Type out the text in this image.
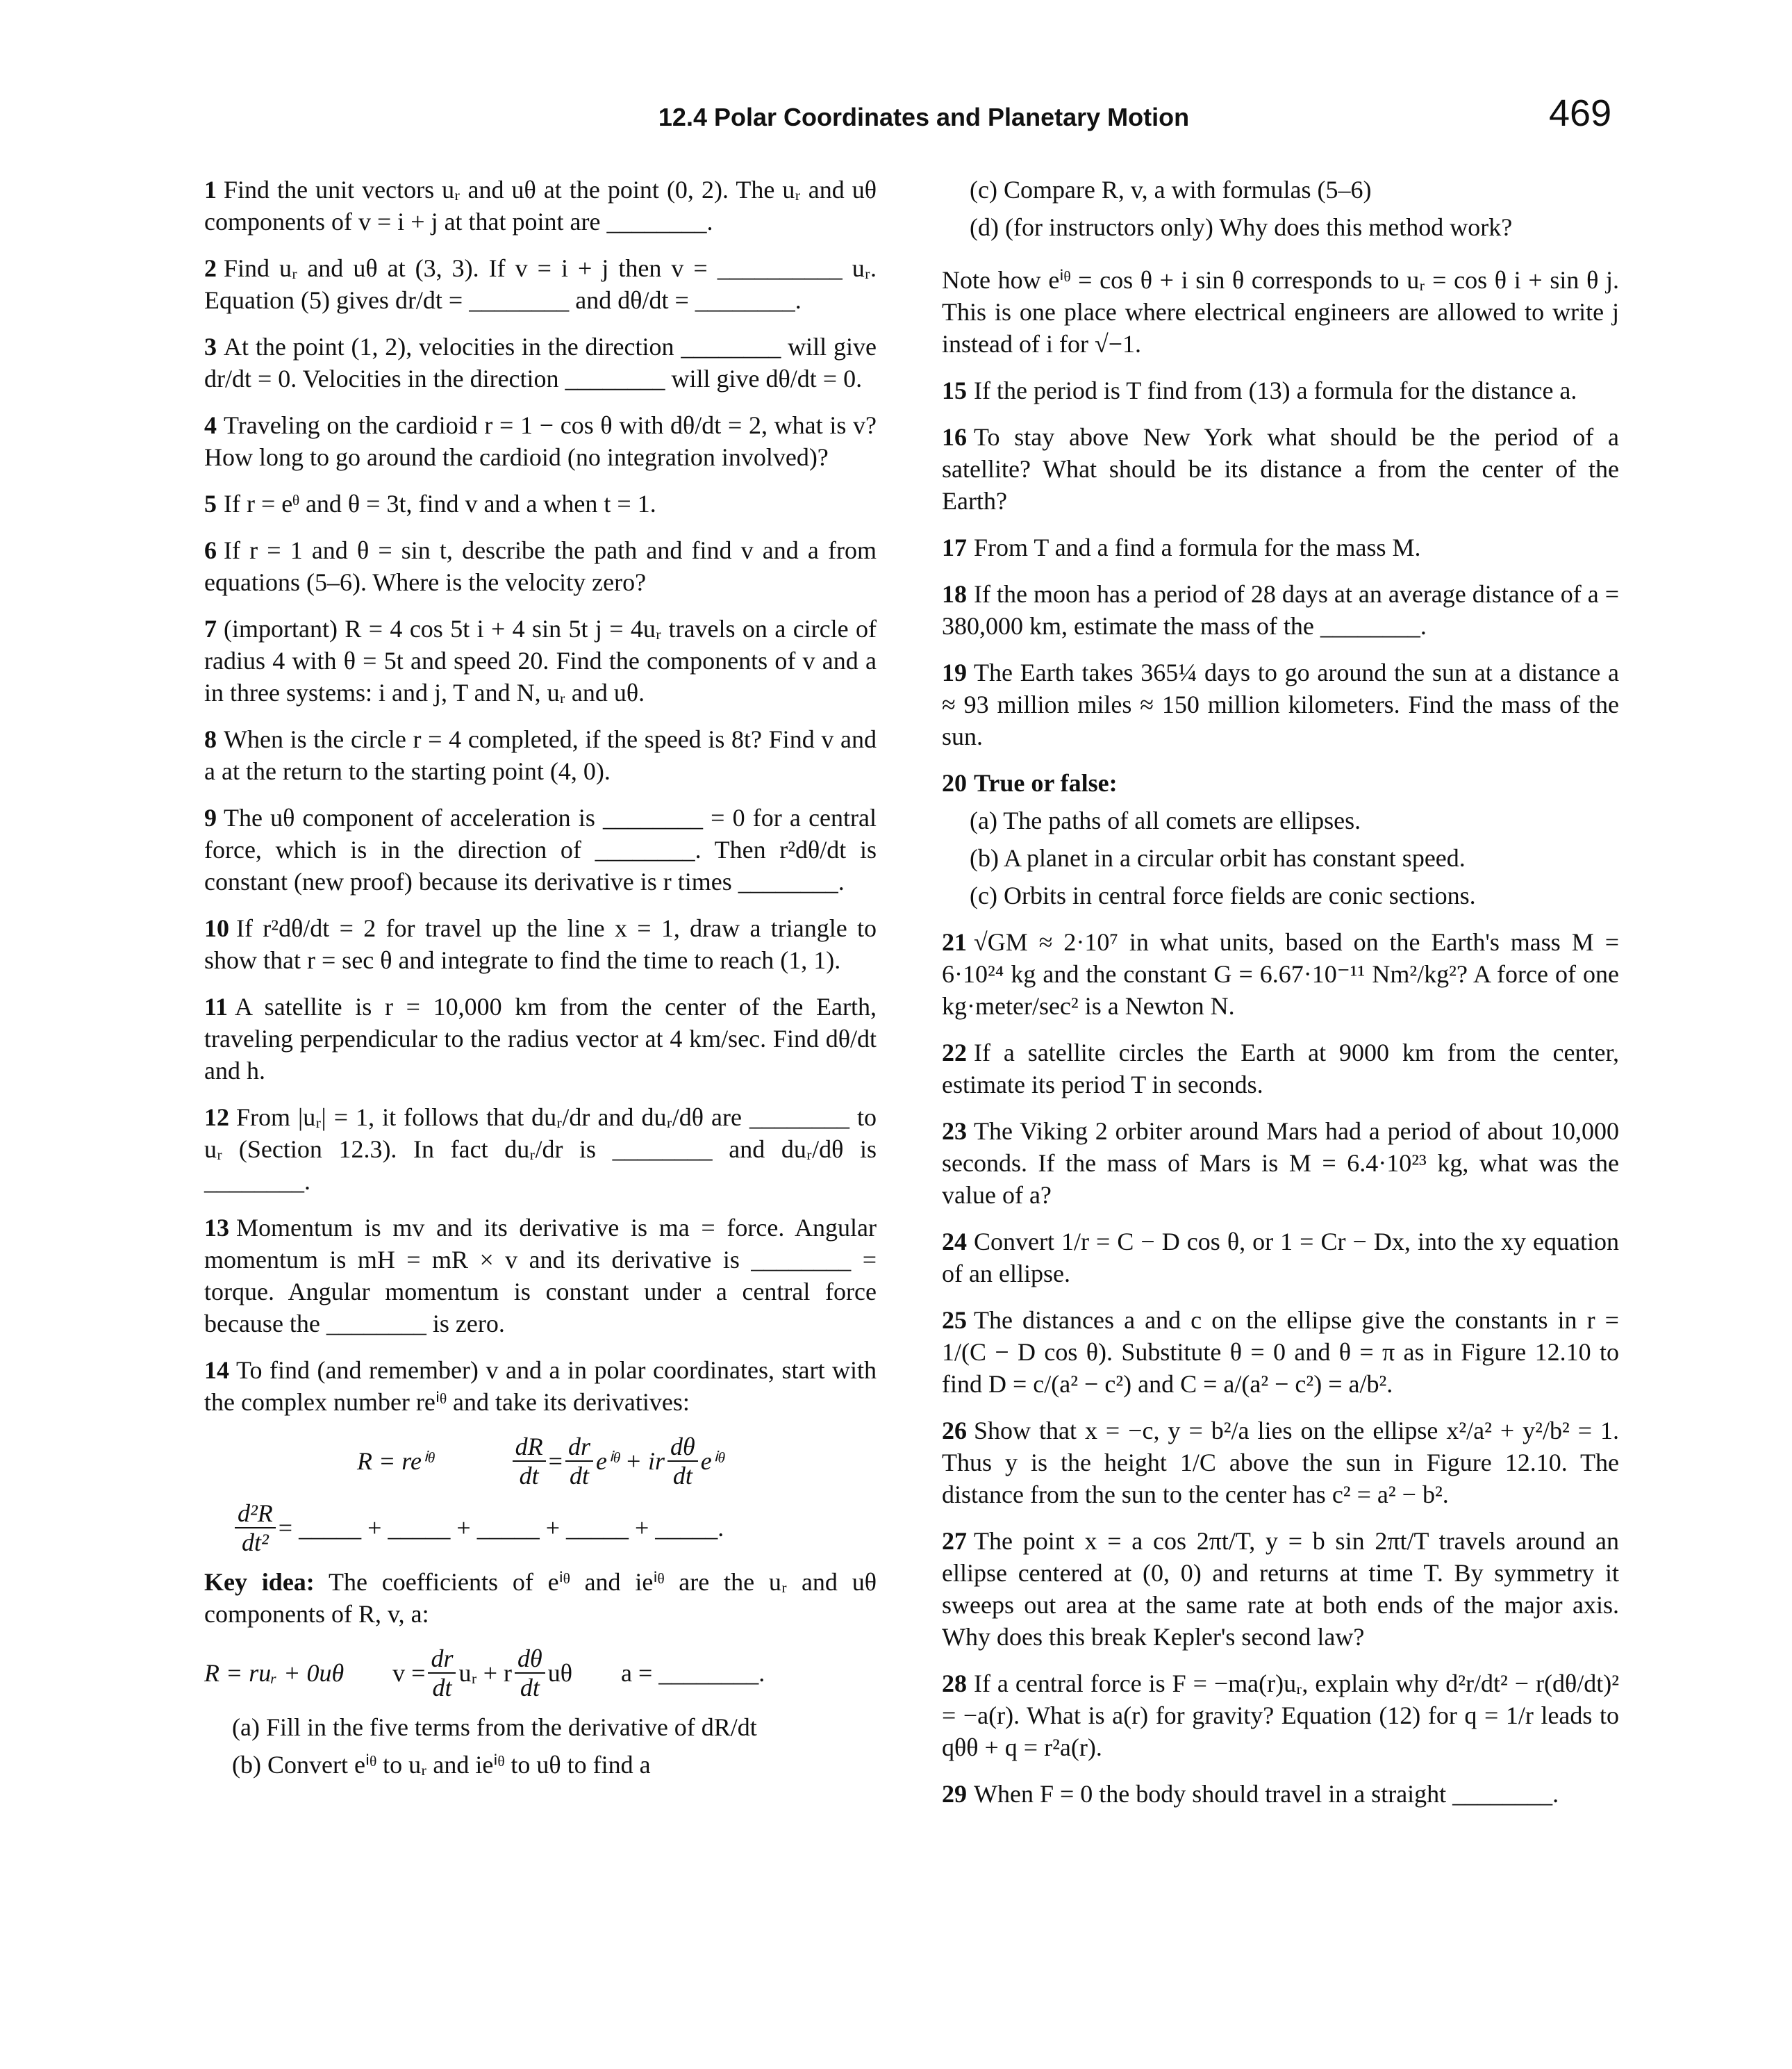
12.4 Polar Coordinates and Planetary Motion	469
1 Find the unit vectors uᵣ and uθ at the point (0, 2). The uᵣ and uθ components of v = i + j at that point are ________.
2 Find uᵣ and uθ at (3, 3). If v = i + j then v = __________ uᵣ. Equation (5) gives dr/dt = ________ and dθ/dt = ________.
3 At the point (1, 2), velocities in the direction ________ will give dr/dt = 0. Velocities in the direction ________ will give dθ/dt = 0.
4 Traveling on the cardioid r = 1 − cos θ with dθ/dt = 2, what is v? How long to go around the cardioid (no integration involved)?
5 If r = eᶿ and θ = 3t, find v and a when t = 1.
6 If r = 1 and θ = sin t, describe the path and find v and a from equations (5–6). Where is the velocity zero?
7 (important) R = 4 cos 5t i + 4 sin 5t j = 4uᵣ travels on a circle of radius 4 with θ = 5t and speed 20. Find the components of v and a in three systems: i and j, T and N, uᵣ and uθ.
8 When is the circle r = 4 completed, if the speed is 8t? Find v and a at the return to the starting point (4, 0).
9 The uθ component of acceleration is ________ = 0 for a central force, which is in the direction of ________. Then r²dθ/dt is constant (new proof) because its derivative is r times ________.
10 If r²dθ/dt = 2 for travel up the line x = 1, draw a triangle to show that r = sec θ and integrate to find the time to reach (1, 1).
11 A satellite is r = 10,000 km from the center of the Earth, traveling perpendicular to the radius vector at 4 km/sec. Find dθ/dt and h.
12 From |uᵣ| = 1, it follows that duᵣ/dr and duᵣ/dθ are ________ to uᵣ (Section 12.3). In fact duᵣ/dr is ________ and duᵣ/dθ is ________.
13 Momentum is mv and its derivative is ma = force. Angular momentum is mH = mR × v and its derivative is ________ = torque. Angular momentum is constant under a central force because the ________ is zero.
14 To find (and remember) v and a in polar coordinates, start with the complex number reⁱᶿ and take its derivatives:
R = reⁱᶿ	$\frac{dR}{dt} = \frac{dr}{dt}$ eⁱᶿ
+ ir $\frac{d\theta}{dt}$ eⁱᶿ
$\frac{\text{d²R}}{\text{dt²}}$ = _____ + _____ + _____ + _____ + _____.
Key idea: The coefficients of eⁱᶿ and ieⁱᶿ are the uᵣ and uθ components of R, v, a:
R = ruᵣ + 0uθ $v = \frac{dr}{dt}$ uᵣ + r $\frac{d\theta}{dt}$ uθ a = ________.
(a) Fill in the five terms from the derivative of dR/dt
(b) Convert eⁱᶿ to uᵣ and ieⁱᶿ to uθ to find a
(c) Compare R, v, a with formulas (5–6)
(d) (for instructors only) Why does this method work?
Note how eⁱᶿ = cos θ + i sin θ corresponds to uᵣ = cos θ i + sin θ j. This is one place where electrical engineers are allowed to write j instead of i for √−1.
15 If the period is T find from (13) a formula for the distance a.
16 To stay above New York what should be the period of a satellite? What should be its distance a from the center of the Earth?
17 From T and a find a formula for the mass M.
18 If the moon has a period of 28 days at an average distance of a = 380,000 km, estimate the mass of the ________.
19 The Earth takes 365¼ days to go around the sun at a distance a ≈ 93 million miles ≈ 150 million kilometers. Find the mass of the sun.
20 True or false:
(a) The paths of all comets are ellipses.
(b) A planet in a circular orbit has constant speed.
(c) Orbits in central force fields are conic sections.
21 √GM ≈ 2·10⁷ in what units, based on the Earth's mass M = 6·10²⁴ kg and the constant G = 6.67·10⁻¹¹ Nm²/kg²? A force of one kg·meter/sec² is a Newton N.
22 If a satellite circles the Earth at 9000 km from the center, estimate its period T in seconds.
23 The Viking 2 orbiter around Mars had a period of about 10,000 seconds. If the mass of Mars is M = 6.4·10²³ kg, what was the value of a?
24 Convert 1/r = C − D cos θ, or 1 = Cr − Dx, into the xy equation of an ellipse.
25 The distances a and c on the ellipse give the constants in r = 1/(C − D cos θ). Substitute θ = 0 and θ = π as in Figure 12.10 to find D = c/(a² − c²) and C = a/(a² − c²) = a/b².
26 Show that x = −c, y = b²/a lies on the ellipse x²/a² + y²/b² = 1. Thus y is the height 1/C above the sun in Figure 12.10. The distance from the sun to the center has c² = a² − b².
27 The point x = a cos 2πt/T, y = b sin 2πt/T travels around an ellipse centered at (0, 0) and returns at time T. By symmetry it sweeps out area at the same rate at both ends of the major axis. Why does this break Kepler's second law?
28 If a central force is F = −ma(r)uᵣ, explain why d²r/dt² − r(dθ/dt)² = −a(r). What is a(r) for gravity? Equation (12) for q = 1/r leads to qθθ + q = r²a(r).
29 When F = 0 the body should travel in a straight ________.
